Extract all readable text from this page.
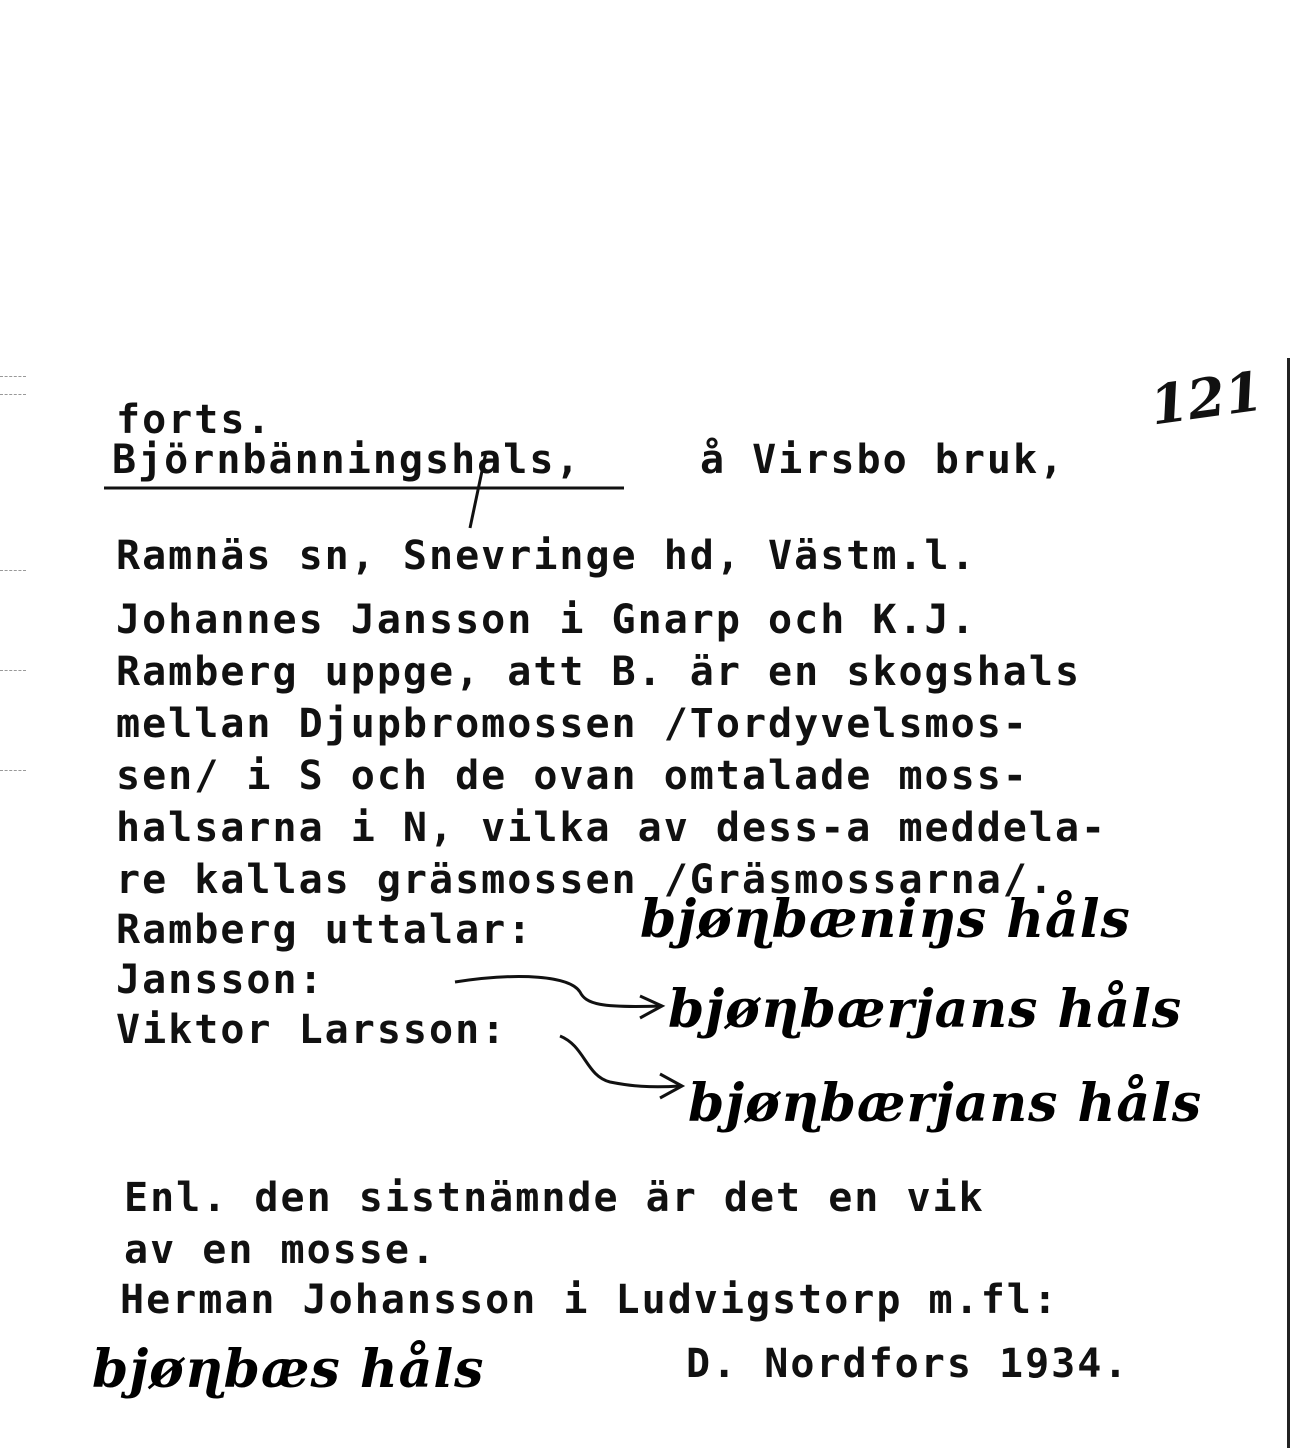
121

forts.

Björnbänningshals,	å Virsbo bruk,

Ramnäs sn, Snevringe hd, Västm.l.

Johannes Jansson i Gnarp och K.J.

Ramberg uppge, att B. är en skogshals

mellan Djupbromossen /Tordyvelsmos-

sen/ i S och de ovan omtalade moss-

halsarna i N, vilka av dess-a meddela-

re kallas gräsmossen /Gräsmossarna/.

Ramberg uttalar:

Jansson:

Viktor Larsson:

bjøɳbæniŋs håls
bjøɳbærjans håls
bjøɳbærjans håls

Enl. den sistnämnde är det en vik

av en mosse.

Herman Johansson i Ludvigstorp m.fl:

bjøɳbæs håls	D. Nordfors 1934.
